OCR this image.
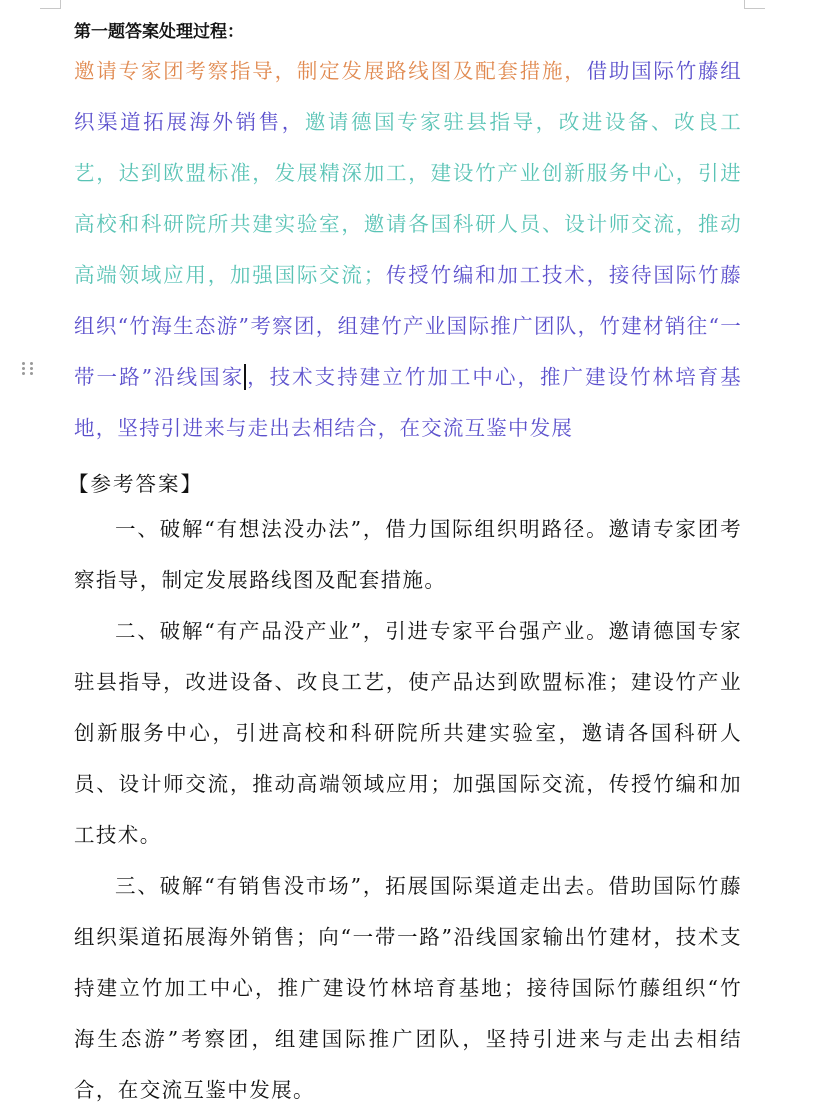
第一题答案处理过程：

邀请专家团考察指导，制定发展路线图及配套措施，借助国际竹藤组织渠道拓展海外销售，邀请德国专家驻县指导，改进设备、改良工艺，达到欧盟标准，发展精深加工，建设竹产业创新服务中心，引进高校和科研院所共建实验室，邀请各国科研人员、设计师交流，推动高端领域应用，加强国际交流；传授竹编和加工技术，接待国际竹藤组织“竹海生态游”考察团，组建竹产业国际推广团队，竹建材销往“一带一路”沿线国家，技术支持建立竹加工中心，推广建设竹林培育基地，坚持引进来与走出去相结合，在交流互鉴中发展

【参考答案】

一、破解“有想法没办法”，借力国际组织明路径。邀请专家团考察指导，制定发展路线图及配套措施。

二、破解“有产品没产业”，引进专家平台强产业。邀请德国专家驻县指导，改进设备、改良工艺，使产品达到欧盟标准；建设竹产业创新服务中心，引进高校和科研院所共建实验室，邀请各国科研人员、设计师交流，推动高端领域应用；加强国际交流，传授竹编和加工技术。

三、破解“有销售没市场”，拓展国际渠道走出去。借助国际竹藤组织渠道拓展海外销售；向“一带一路”沿线国家输出竹建材，技术支持建立竹加工中心，推广建设竹林培育基地；接待国际竹藤组织“竹海生态游”考察团，组建国际推广团队，坚持引进来与走出去相结合，在交流互鉴中发展。
